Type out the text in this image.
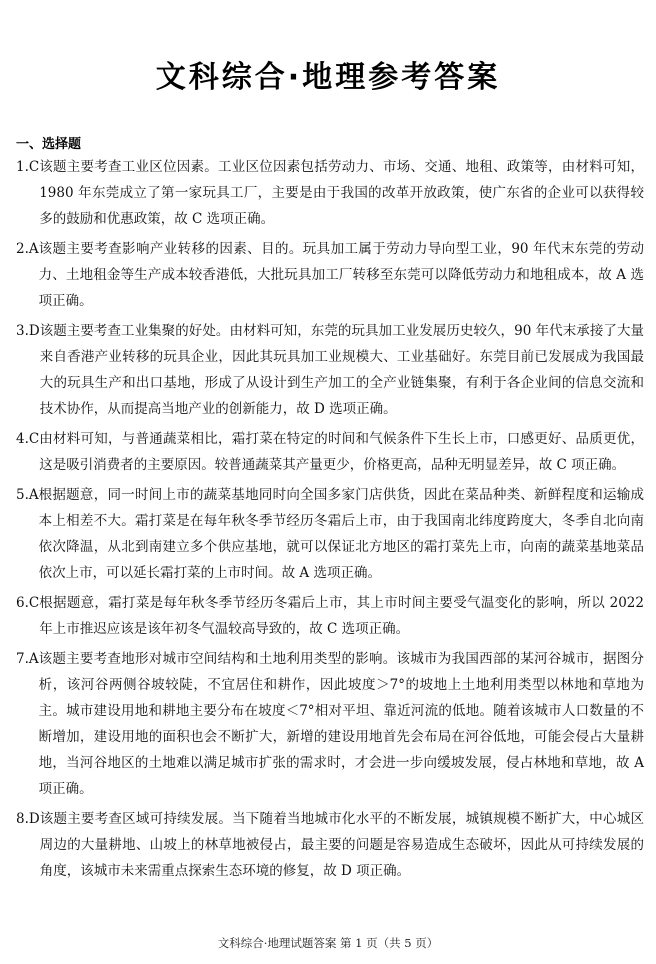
文科综合·地理参考答案
一、选择题
1.C 该题主要考查工业区位因素。工业区位因素包括劳动力、市场、交通、地租、政策等，由材料可知，1980 年东莞成立了第一家玩具工厂，主要是由于我国的改革开放政策，使广东省的企业可以获得较多的鼓励和优惠政策，故 C 选项正确。
2.A 该题主要考查影响产业转移的因素、目的。玩具加工属于劳动力导向型工业，90 年代末东莞的劳动力、土地租金等生产成本较香港低，大批玩具加工厂转移至东莞可以降低劳动力和地租成本，故 A 选项正确。
3.D 该题主要考查工业集聚的好处。由材料可知，东莞的玩具加工业发展历史较久，90 年代末承接了大量来自香港产业转移的玩具企业，因此其玩具加工业规模大、工业基础好。东莞目前已发展成为我国最大的玩具生产和出口基地，形成了从设计到生产加工的全产业链集聚，有利于各企业间的信息交流和技术协作，从而提高当地产业的创新能力，故 D 选项正确。
4.C 由材料可知，与普通蔬菜相比，霜打菜在特定的时间和气候条件下生长上市，口感更好、品质更优，这是吸引消费者的主要原因。较普通蔬菜其产量更少，价格更高，品种无明显差异，故 C 项正确。
5.A 根据题意，同一时间上市的蔬菜基地同时向全国多家门店供货，因此在菜品种类、新鲜程度和运输成本上相差不大。霜打菜是在每年秋冬季节经历冬霜后上市，由于我国南北纬度跨度大，冬季自北向南依次降温，从北到南建立多个供应基地，就可以保证北方地区的霜打菜先上市，向南的蔬菜基地菜品依次上市，可以延长霜打菜的上市时间。故 A 选项正确。
6.C 根据题意，霜打菜是每年秋冬季节经历冬霜后上市，其上市时间主要受气温变化的影响，所以 2022 年上市推迟应该是该年初冬气温较高导致的，故 C 选项正确。
7.A 该题主要考查地形对城市空间结构和土地利用类型的影响。该城市为我国西部的某河谷城市，据图分析，该河谷两侧谷坡较陡，不宜居住和耕作，因此坡度＞7°的坡地上土地利用类型以林地和草地为主。城市建设用地和耕地主要分布在坡度＜7°相对平坦、靠近河流的低地。随着该城市人口数量的不断增加，建设用地的面积也会不断扩大，新增的建设用地首先会布局在河谷低地，可能会侵占大量耕地，当河谷地区的土地难以满足城市扩张的需求时，才会进一步向缓坡发展，侵占林地和草地，故 A 项正确。
8.D 该题主要考查区域可持续发展。当下随着当地城市化水平的不断发展，城镇规模不断扩大，中心城区周边的大量耕地、山坡上的林草地被侵占，最主要的问题是容易造成生态破坏，因此从可持续发展的角度，该城市未来需重点探索生态环境的修复，故 D 项正确。
文科综合·地理试题答案 第 1 页（共 5 页）
